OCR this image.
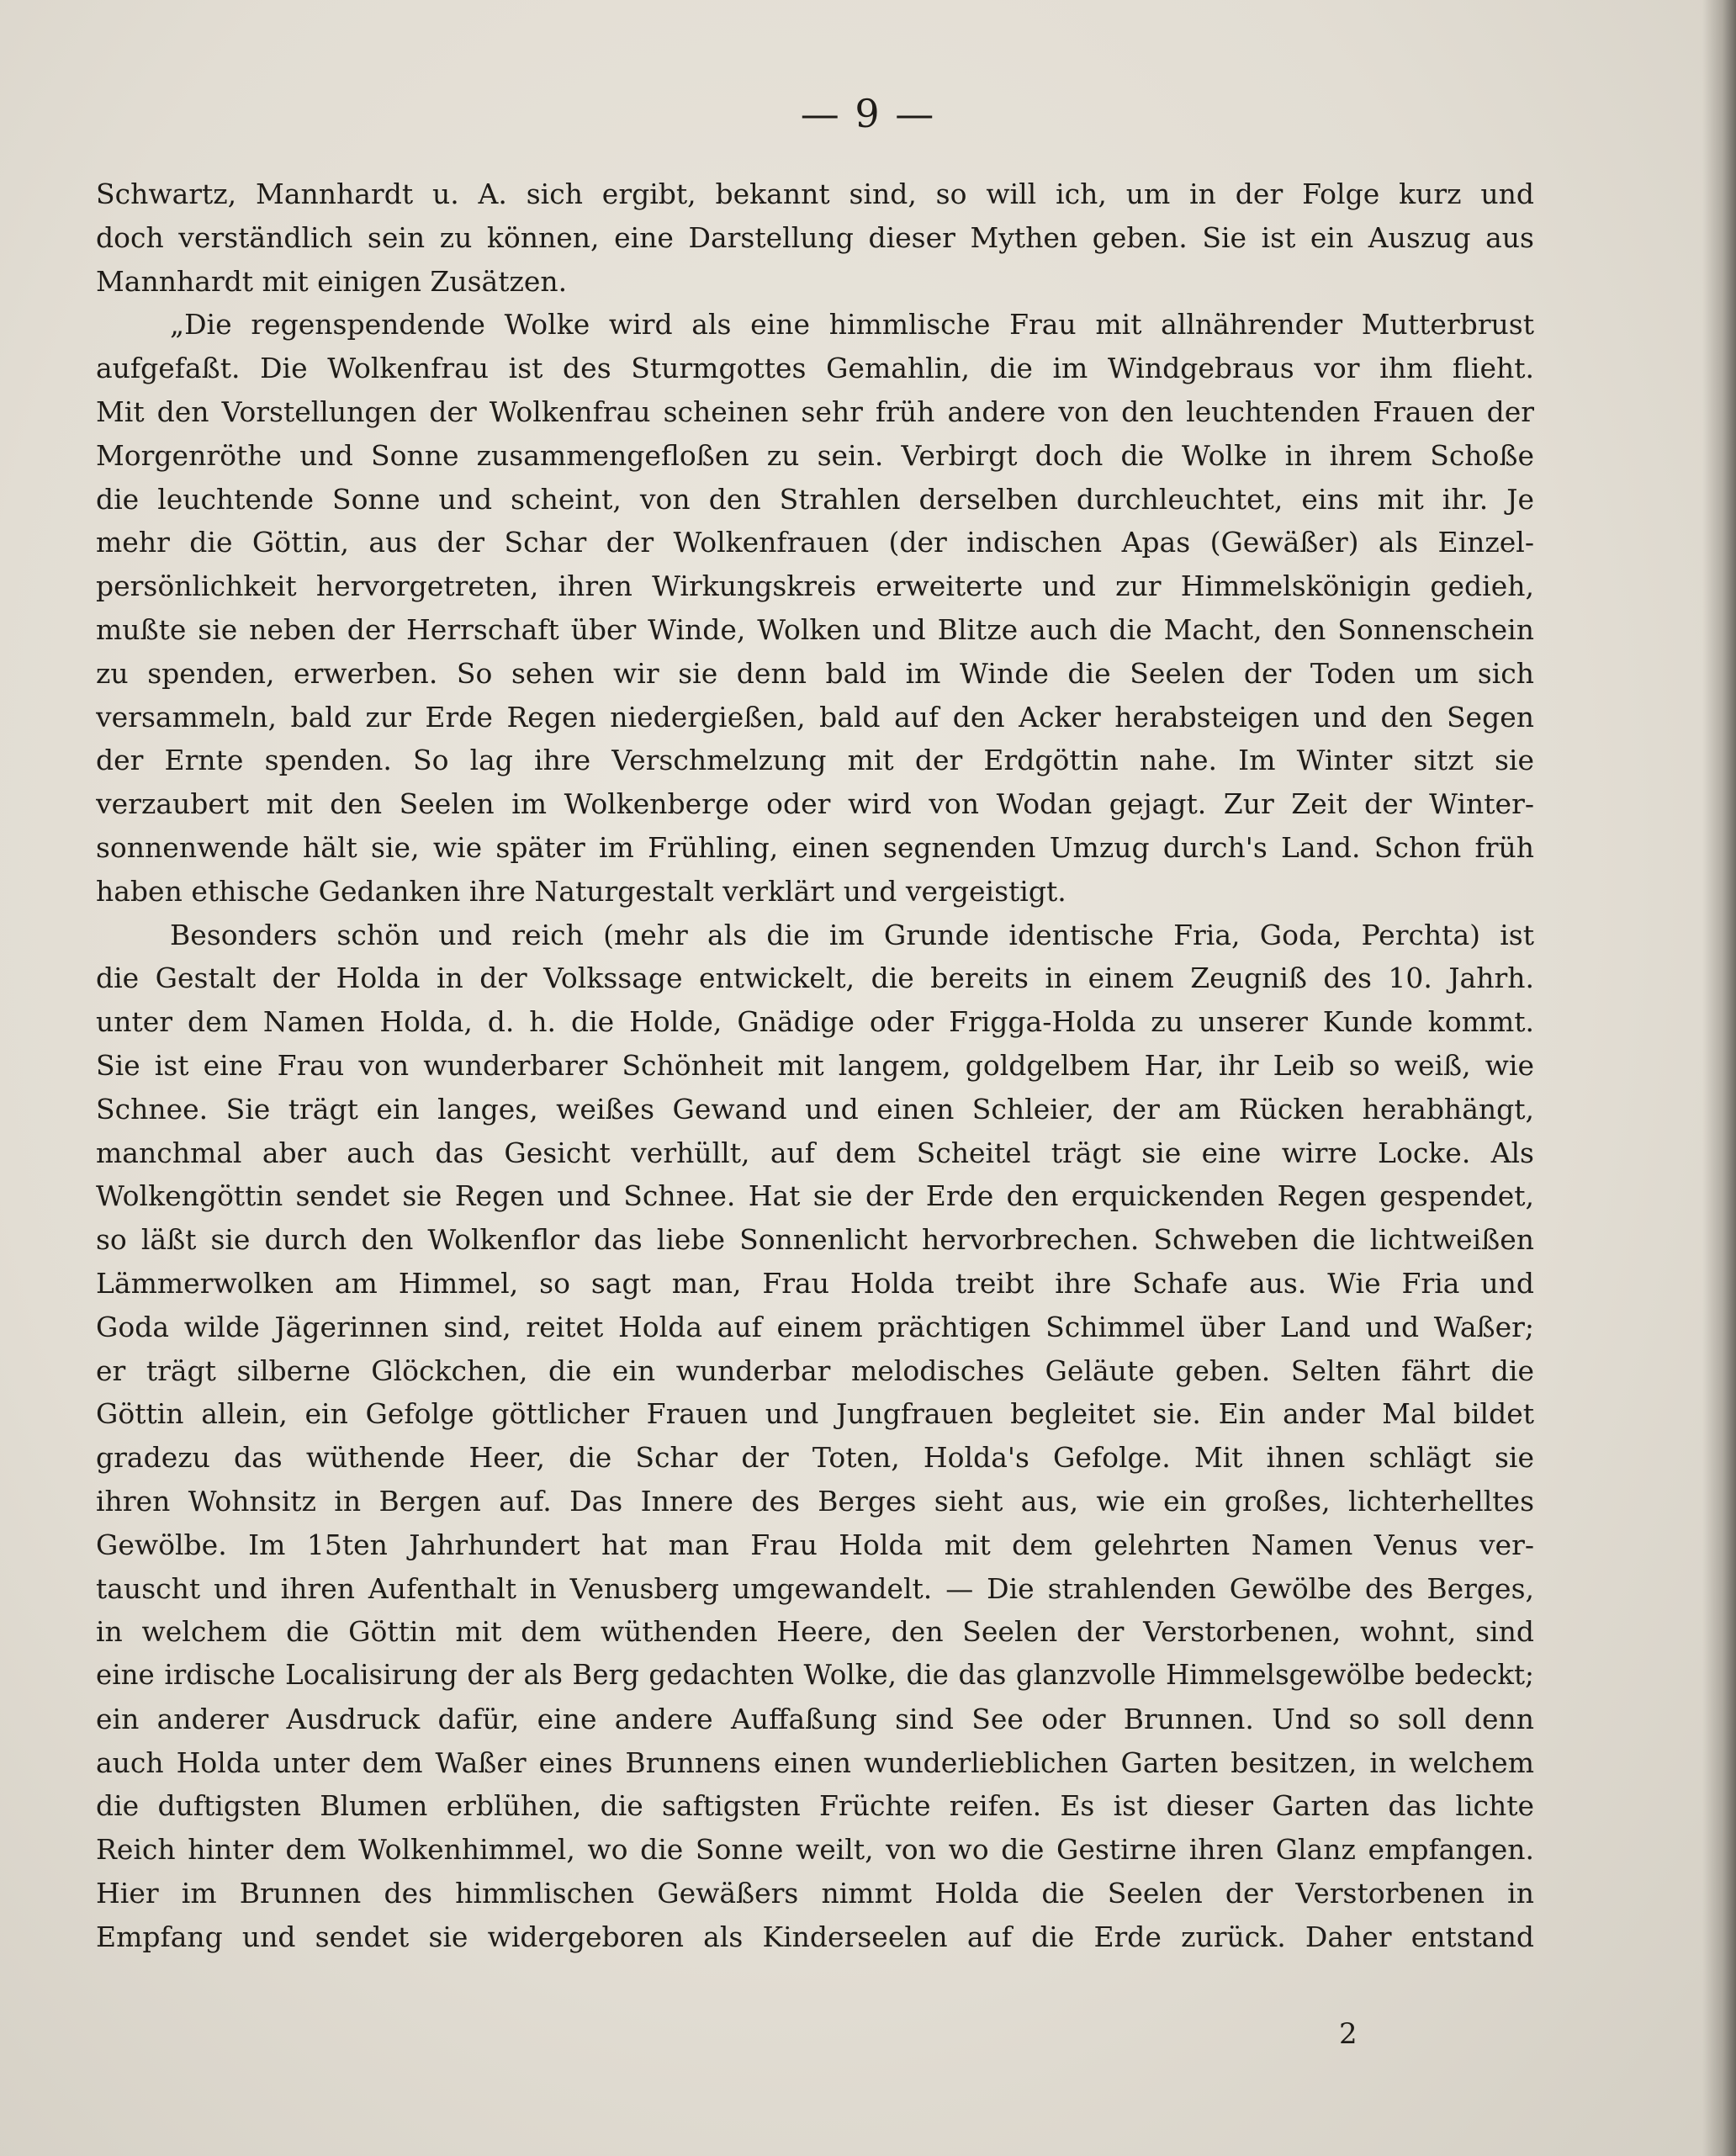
— 9 —
Schwartz, Mannhardt u. A. sich ergibt, bekannt sind, so will ich, um in der Folge kurz und
doch verständlich sein zu können, eine Darstellung dieser Mythen geben. Sie ist ein Auszug aus
Mannhardt mit einigen Zusätzen.
„Die regenspendende Wolke wird als eine himmlische Frau mit allnährender Mutterbrust
aufgefaßt. Die Wolkenfrau ist des Sturmgottes Gemahlin, die im Windgebraus vor ihm flieht.
Mit den Vorstellungen der Wolkenfrau scheinen sehr früh andere von den leuchtenden Frauen der
Morgenröthe und Sonne zusammengefloßen zu sein. Verbirgt doch die Wolke in ihrem Schoße
die leuchtende Sonne und scheint, von den Strahlen derselben durchleuchtet, eins mit ihr. Je
mehr die Göttin, aus der Schar der Wolkenfrauen (der indischen Apas (Gewäßer) als Einzel-
persönlichkeit hervorgetreten, ihren Wirkungskreis erweiterte und zur Himmelskönigin gedieh,
mußte sie neben der Herrschaft über Winde, Wolken und Blitze auch die Macht, den Sonnenschein
zu spenden, erwerben. So sehen wir sie denn bald im Winde die Seelen der Toden um sich
versammeln, bald zur Erde Regen niedergießen, bald auf den Acker herabsteigen und den Segen
der Ernte spenden. So lag ihre Verschmelzung mit der Erdgöttin nahe. Im Winter sitzt sie
verzaubert mit den Seelen im Wolkenberge oder wird von Wodan gejagt. Zur Zeit der Winter-
sonnenwende hält sie, wie später im Frühling, einen segnenden Umzug durch's Land. Schon früh
haben ethische Gedanken ihre Naturgestalt verklärt und vergeistigt.
Besonders schön und reich (mehr als die im Grunde identische Fria, Goda, Perchta) ist
die Gestalt der Holda in der Volkssage entwickelt, die bereits in einem Zeugniß des 10. Jahrh.
unter dem Namen Holda, d. h. die Holde, Gnädige oder Frigga-Holda zu unserer Kunde kommt.
Sie ist eine Frau von wunderbarer Schönheit mit langem, goldgelbem Har, ihr Leib so weiß, wie
Schnee. Sie trägt ein langes, weißes Gewand und einen Schleier, der am Rücken herabhängt,
manchmal aber auch das Gesicht verhüllt, auf dem Scheitel trägt sie eine wirre Locke. Als
Wolkengöttin sendet sie Regen und Schnee. Hat sie der Erde den erquickenden Regen gespendet,
so läßt sie durch den Wolkenflor das liebe Sonnenlicht hervorbrechen. Schweben die lichtweißen
Lämmerwolken am Himmel, so sagt man, Frau Holda treibt ihre Schafe aus. Wie Fria und
Goda wilde Jägerinnen sind, reitet Holda auf einem prächtigen Schimmel über Land und Waßer;
er trägt silberne Glöckchen, die ein wunderbar melodisches Geläute geben. Selten fährt die
Göttin allein, ein Gefolge göttlicher Frauen und Jungfrauen begleitet sie. Ein ander Mal bildet
gradezu das wüthende Heer, die Schar der Toten, Holda's Gefolge. Mit ihnen schlägt sie
ihren Wohnsitz in Bergen auf. Das Innere des Berges sieht aus, wie ein großes, lichterhelltes
Gewölbe. Im 15ten Jahrhundert hat man Frau Holda mit dem gelehrten Namen Venus ver-
tauscht und ihren Aufenthalt in Venusberg umgewandelt. — Die strahlenden Gewölbe des Berges,
in welchem die Göttin mit dem wüthenden Heere, den Seelen der Verstorbenen, wohnt, sind
eine irdische Localisirung der als Berg gedachten Wolke, die das glanzvolle Himmelsgewölbe bedeckt;
ein anderer Ausdruck dafür, eine andere Auffaßung sind See oder Brunnen. Und so soll denn
auch Holda unter dem Waßer eines Brunnens einen wunderlieblichen Garten besitzen, in welchem
die duftigsten Blumen erblühen, die saftigsten Früchte reifen. Es ist dieser Garten das lichte
Reich hinter dem Wolkenhimmel, wo die Sonne weilt, von wo die Gestirne ihren Glanz empfangen.
Hier im Brunnen des himmlischen Gewäßers nimmt Holda die Seelen der Verstorbenen in
Empfang und sendet sie widergeboren als Kinderseelen auf die Erde zurück. Daher entstand
2
